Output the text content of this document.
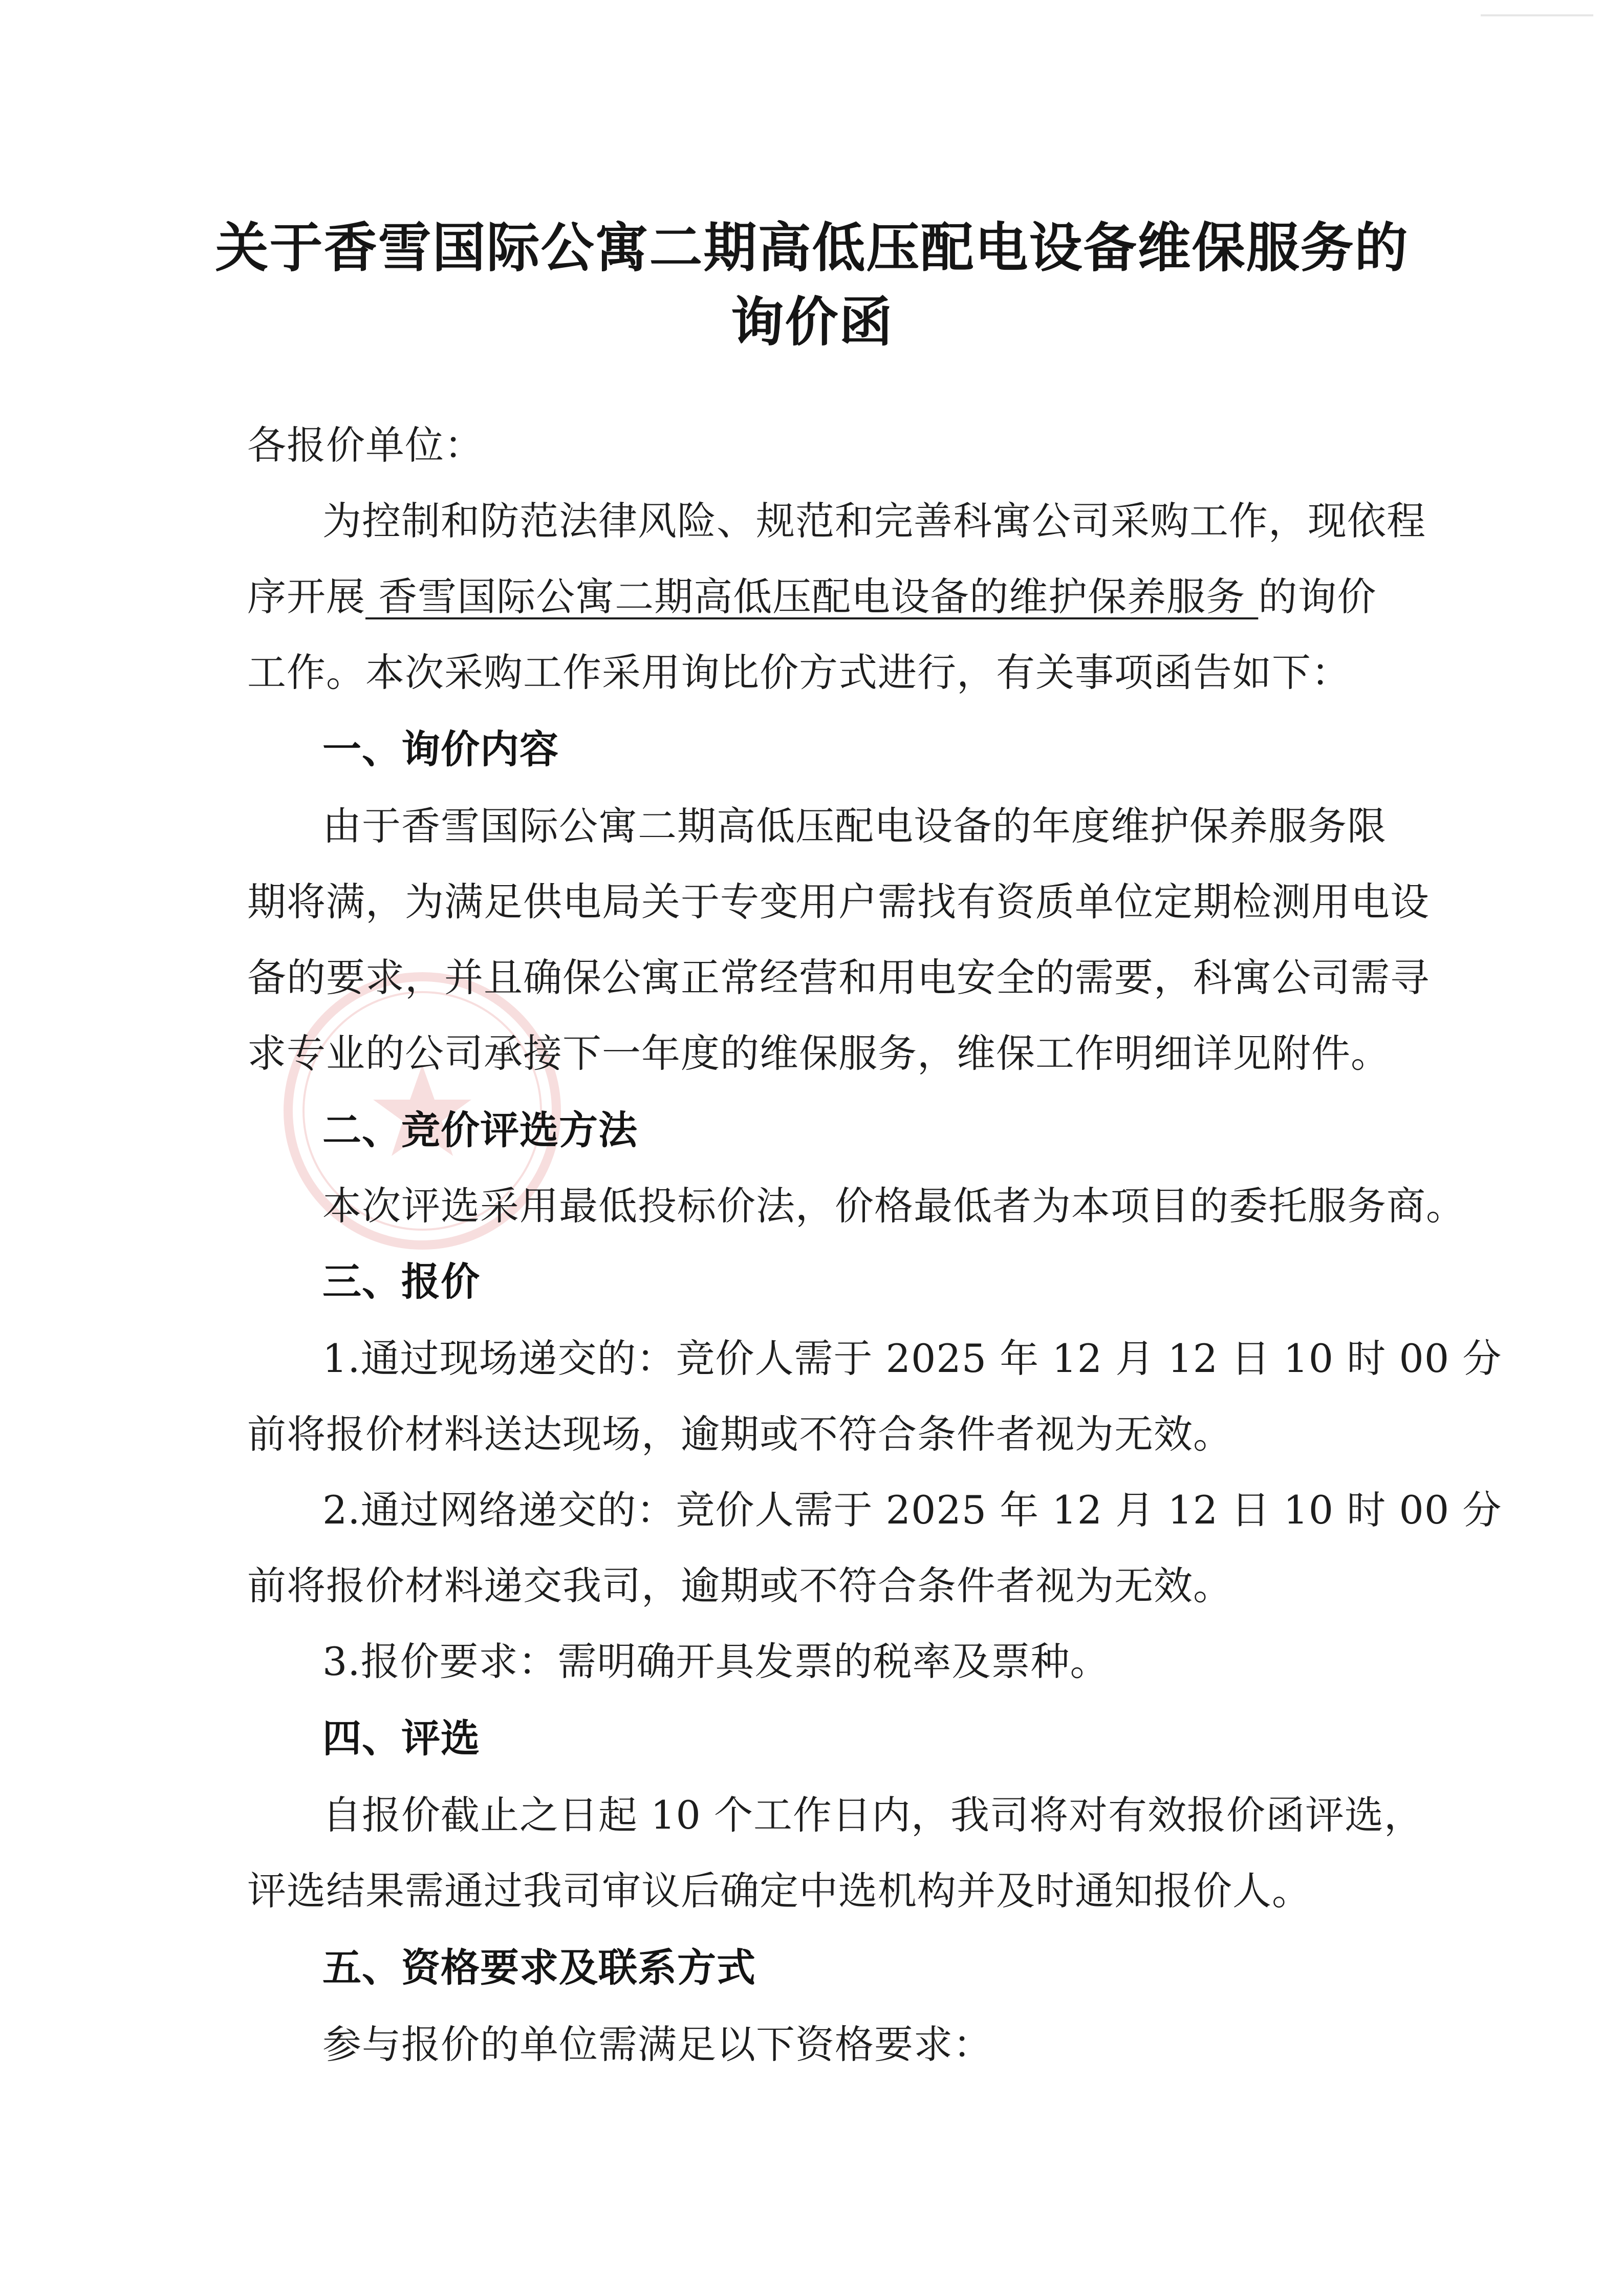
关于香雪国际公寓二期高低压配电设备维保服务的
询价函
各报价单位：
为控制和防范法律风险、规范和完善科寓公司采购工作，现依程
序开展 香雪国际公寓二期高低压配电设备的维护保养服务 的询价
工作。本次采购工作采用询比价方式进行，有关事项函告如下：
一、询价内容
由于香雪国际公寓二期高低压配电设备的年度维护保养服务限
期将满，为满足供电局关于专变用户需找有资质单位定期检测用电设
备的要求，并且确保公寓正常经营和用电安全的需要，科寓公司需寻
求专业的公司承接下一年度的维保服务，维保工作明细详见附件。
二、竞价评选方法
本次评选采用最低投标价法，价格最低者为本项目的委托服务商。
三、报价
1.通过现场递交的：竞价人需于 2025 年 12 月 12 日 10 时 00 分
前将报价材料送达现场，逾期或不符合条件者视为无效。
2.通过网络递交的：竞价人需于 2025 年 12 月 12 日 10 时 00 分
前将报价材料递交我司，逾期或不符合条件者视为无效。
3.报价要求：需明确开具发票的税率及票种。
四、评选
自报价截止之日起 10 个工作日内，我司将对有效报价函评选，
评选结果需通过我司审议后确定中选机构并及时通知报价人。
五、资格要求及联系方式
参与报价的单位需满足以下资格要求：
